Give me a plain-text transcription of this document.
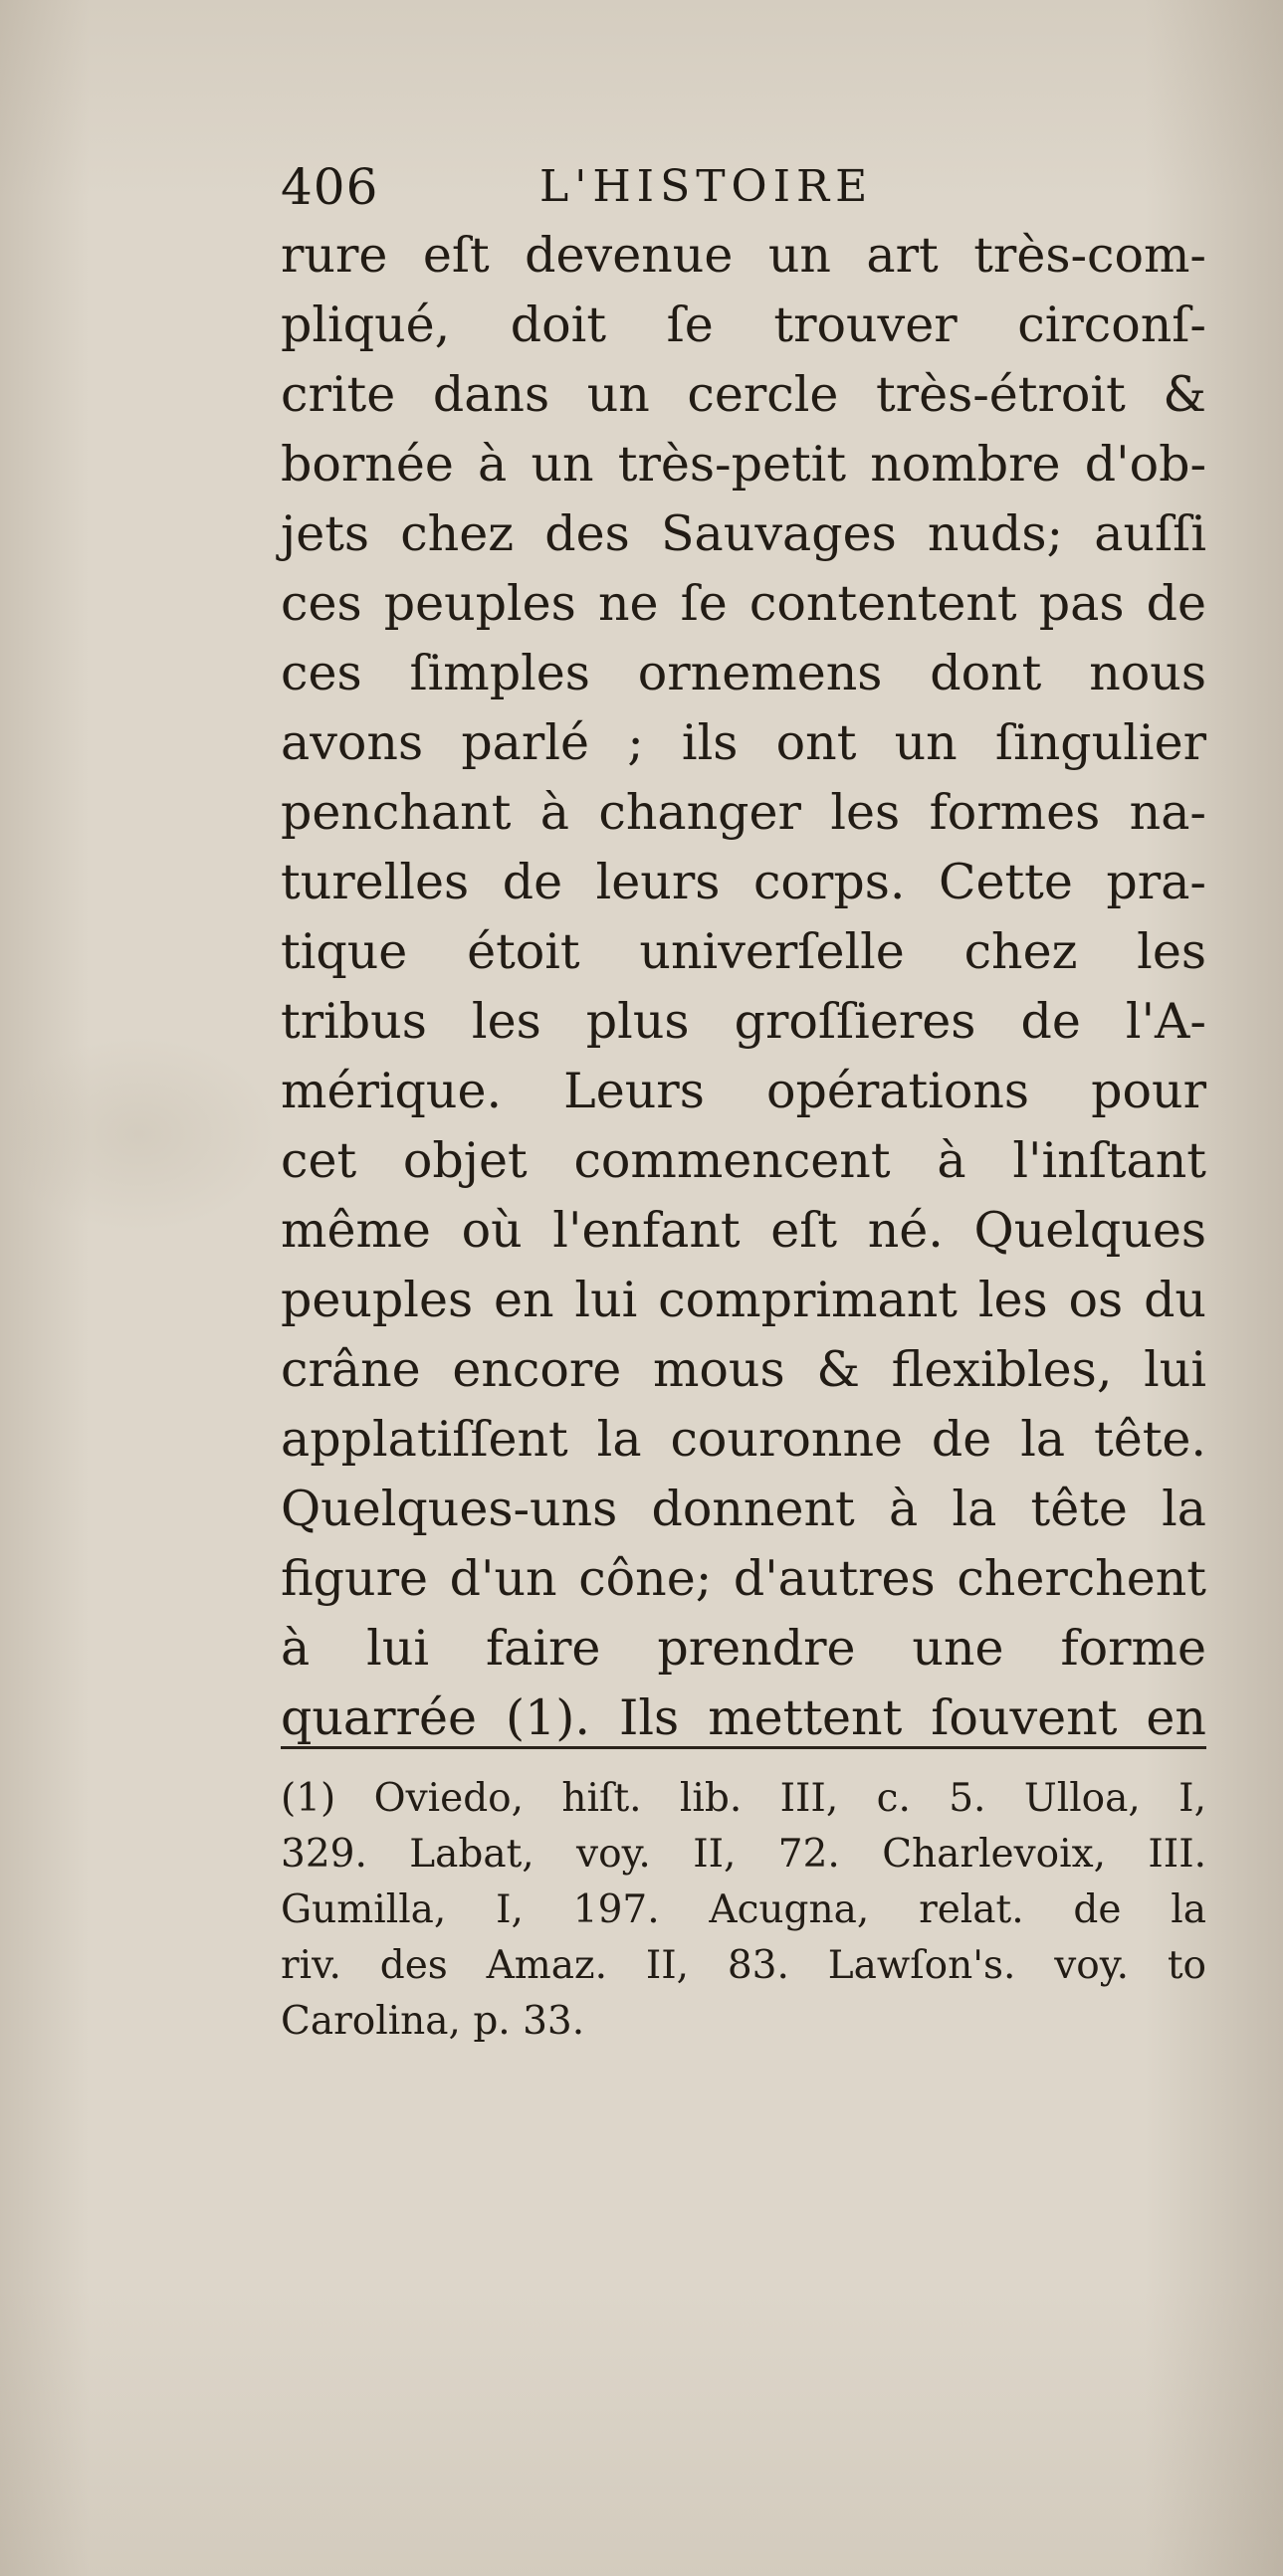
406	L'HISTOIRE
rure eſt devenue un art très-com-
pliqué, doit ſe trouver circonſ-
crite dans un cercle très-étroit &
bornée à un très-petit nombre d'ob-
jets chez des Sauvages nuds; auſſi
ces peuples ne ſe contentent pas de
ces ſimples ornemens dont nous
avons parlé ; ils ont un ſingulier
penchant à changer les formes na-
turelles de leurs corps. Cette pra-
tique étoit univerſelle chez les
tribus les plus groſſieres de l'A-
mérique. Leurs opérations pour
cet objet commencent à l'inſtant
même où l'enfant eſt né. Quelques
peuples en lui comprimant les os du
crâne encore mous & flexibles, lui
applatiſſent la couronne de la tête.
Quelques-uns donnent à la tête la
figure d'un cône; d'autres cherchent
à lui faire prendre une forme
quarrée (1). Ils mettent ſouvent en
(1) Oviedo, hiſt. lib. III, c. 5. Ulloa, I,
329. Labat, voy. II, 72. Charlevoix, III.
Gumilla, I, 197. Acugna, relat. de la
riv. des Amaz. II, 83. Lawſon's. voy. to
Carolina, p. 33.
